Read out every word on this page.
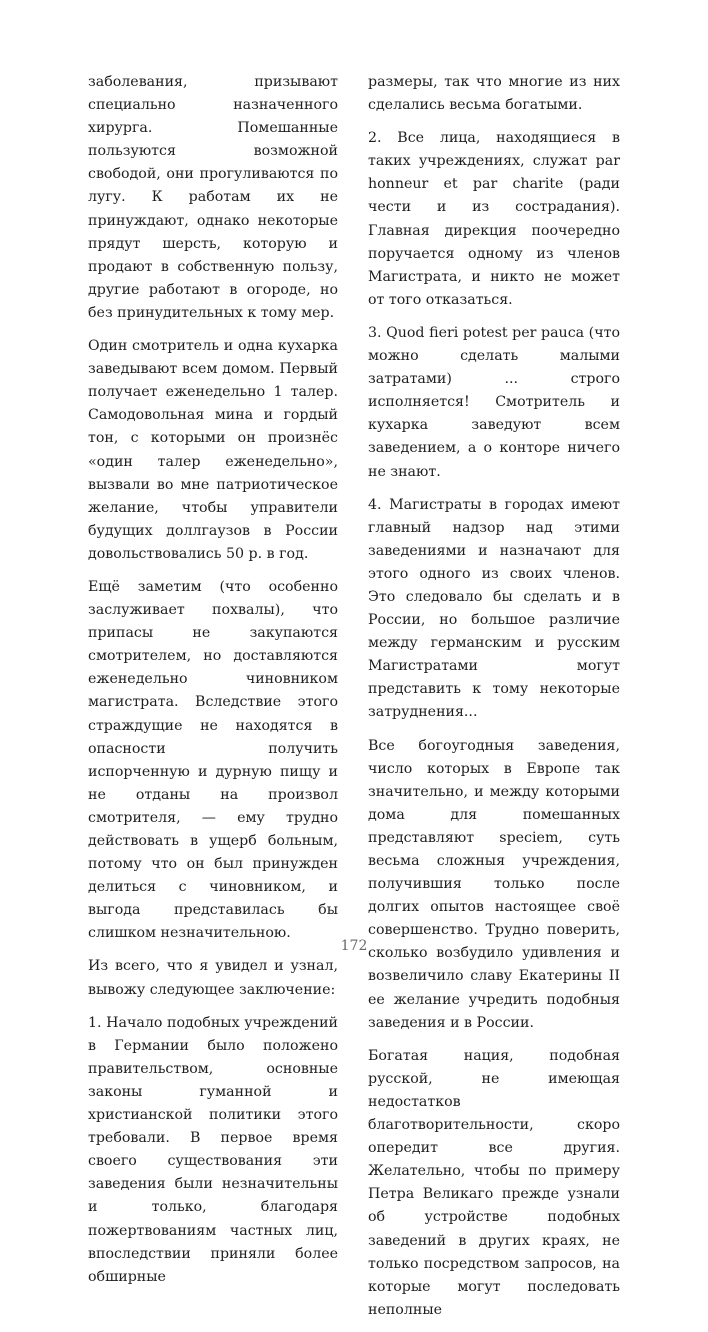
заболевания, призывают специально назначенного хирурга. Помешанные пользуются возможной свободой, они прогуливаются по лугу. К работам их не принуждают, однако некоторые прядут шерсть, которую и продают в собственную пользу, другие работают в огороде, но без принудительных к тому мер.

Один смотритель и одна кухарка заведывают всем домом. Первый получает еженедельно 1 талер. Самодовольная мина и гордый тон, с которыми он произнёс «один талер еженедельно», вызвали во мне патриотическое желание, чтобы управители будущих доллгаузов в России довольствовались 50 р. в год.

Ещё заметим (что особенно заслуживает похвалы), что припасы не закупаются смотрителем, но доставляются еженедельно чиновником магистрата. Вследствие этого страждущие не находятся в опасности получить испорченную и дурную пищу и не отданы на произвол смотрителя, — ему трудно действовать в ущерб больным, потому что он был принужден делиться с чиновником, и выгода представилась бы слишком незначительною.

Из всего, что я увидел и узнал, вывожу следующее заключение:

1. Начало подобных учреждений в Германии было положено правительством, основные законы гуманной и христианской политики этого требовали. В первое время своего существования эти заведения были незначительны и только, благодаря пожертвованиям частных лиц, впоследствии приняли более обширные

размеры, так что многие из них сделались весьма богатыми.

2. Все лица, находящиеся в таких учреждениях, служат par honneur et par charite (ради чести и из сострадания). Главная дирекция поочередно поручается одному из членов Магистрата, и никто не может от того отказаться.

3. Quod fieri potest per pauca (что можно сделать малыми затратами) ... строго исполняется! Смотритель и кухарка заведуют всем заведением, а о конторе ничего не знают.

4. Магистраты в городах имеют главный надзор над этими заведениями и назначают для этого одного из своих членов. Это следовало бы сделать и в России, но большое различие между германским и русским Магистратами могут представить к тому некоторые затруднения...

Все богоугодныя заведения, число которых в Европе так значительно, и между которыми дома для помешанных представляют speciem, суть весьма сложныя учреждения, получившия только после долгих опытов настоящее своё совершенство. Трудно поверить, сколько возбудило удивления и возвеличило славу Екатерины II ее желание учредить подобныя заведения и в России.

Богатая нация, подобная русской, не имеющая недостатков благотворительности, скоро опередит все другия. Желательно, чтобы по примеру Петра Великаго прежде узнали об устройстве подобных заведений в других краях, не только посредством запросов, на которые могут последовать неполные

172
